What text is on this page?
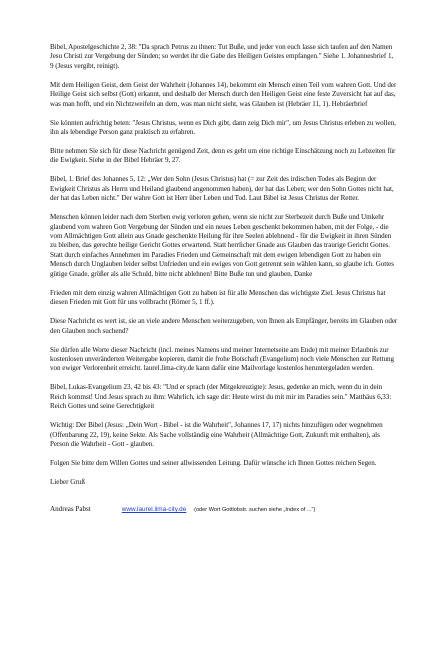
Bibel, Apostelgeschichte 2, 38: "Da sprach Petrus zu ihnen: Tut Buße, und jeder von euch lasse sich taufen auf den Namen Jesu Christi zur Vergebung der Sünden; so werdet ihr die Gabe des Heiligen Geistes empfangen." Siehe 1. Johannesbrief 1, 9 (Jesus vergibt, reinigt).

Mit dem Heiligen Geist, dem Geist der Wahrheit (Johannes 14), bekommt ein Mensch einen Teil vom wahren Gott. Und der Heilige Geist sich selbst (Gott) erkannt, und deshalb der Mensch durch den Heiligen Geist eine feste Zuversicht hat auf das, was man hofft, und ein Nichtzweifeln an dem, was man nicht sieht, was Glauben ist (Hebräer 11, 1). Hebräerbrief

Sie könnten aufrichtig beten: "Jesus Christus, wenn es Dich gibt, dann zeig Dich mir", um Jesus Christus erleben zu wollen, ihn als lebendige Person ganz praktisch zu erfahren.

Bitte nehmen Sie sich für diese Nachricht genügend Zeit, denn es geht um eine richtige Einschätzung noch zu Lebzeiten für die Ewigkeit. Siehe in der Bibel Hebräer 9, 27.

Bibel, 1. Brief des Johannes 5, 12: „Wer den Sohn (Jesus Christus) hat (= zur Zeit des irdischen Todes als Beginn der Ewigkeit Christus als Herrn und Heiland glaubend angenommen haben), der hat das Leben; wer den Sohn Gottes nicht hat, der hat das Leben nicht." Der wahre Gott ist Herr über Leben und Tod. Laut Bibel ist Jesus Christus der Retter.

Menschen können leider nach dem Sterben ewig verloren gehen, wenn sie nicht zur Sterbezeit durch Buße und Umkehr glaubend vom wahren Gott Vergebung der Sünden und ein neues Leben geschenkt bekommen haben, mit der Folge, - die vom Allmächtigen Gott allein aus Gnade geschenkte Heilung für ihre Seelen ablehnend - für die Ewigkeit in ihren Sünden zu bleiben, das gerechte heilige Gericht Gottes erwartend. Statt herrlicher Gnade aus Glauben das traurige Gericht Gottes. Statt durch einfaches Annehmen im Paradies Frieden und Gemeinschaft mit dem ewigen lebendigen Gott zu haben ein Mensch durch Unglauben leider selbst Unfrieden und ein ewiges von Gott getrennt sein wählen kann, so glaube ich. Gottes gütige Gnade, größer als alle Schuld, bitte nicht ablehnen! Bitte Buße tun und glauben. Danke

Frieden mit dem einzig wahren Allmächtigen Gott zu haben ist für alle Menschen das wichtigste Ziel. Jesus Christus hat diesen Frieden mit Gott für uns vollbracht (Römer 5, 1 ff.).

Diese Nachricht es wert ist, sie an viele andere Menschen weiterzugeben, von Ihnen als Empfänger, bereits im Glauben oder den Glauben noch suchend?

Sie dürfen alle Worte dieser Nachricht (incl. meines Namens und meiner Internetseite am Ende) mit meiner Erlaubnis zur kostenlosen unveränderten Weitergabe kopieren, damit die frohe Botschaft (Evangelium) noch viele Menschen zur Rettung von ewiger Verlorenheit erreicht. laurel.lima-city.de kann dafür eine Mailvorlage kostenlos heruntergeladen werden.

Bibel, Lukas-Evangelium 23, 42 bis 43: "Und er sprach (der Mitgekreuzigte): Jesus, gedenke an mich, wenn du in dein Reich kommst! Und Jesus sprach zu ihm: Wahrlich, ich sage dir: Heute wirst du mit mir im Paradies sein." Matthäus 6,33: Reich Gottes und seine Gerechtigkeit

Wichtig: Der Bibel (Jesus: „Dein Wort - Bibel - ist die Wahrheit", Johannes 17, 17) nichts hinzufügen oder wegnehmen (Offenbarung 22, 19), keine Sekte. Als Sache vollständig eine Wahrheit (Allmächtige Gott, Zukunft mit enthalten), als Person die Wahrheit - Gott - glauben.

Folgen Sie bitte dem Willen Gottes und seiner allwissenden Leitung. Dafür wünsche ich Ihnen Gottes reichen Segen.

Lieber Gruß

Andreas Pabst	www.laurel.lima-city.de (oder Wort Gottlobstr. suchen siehe „Index of ...")
